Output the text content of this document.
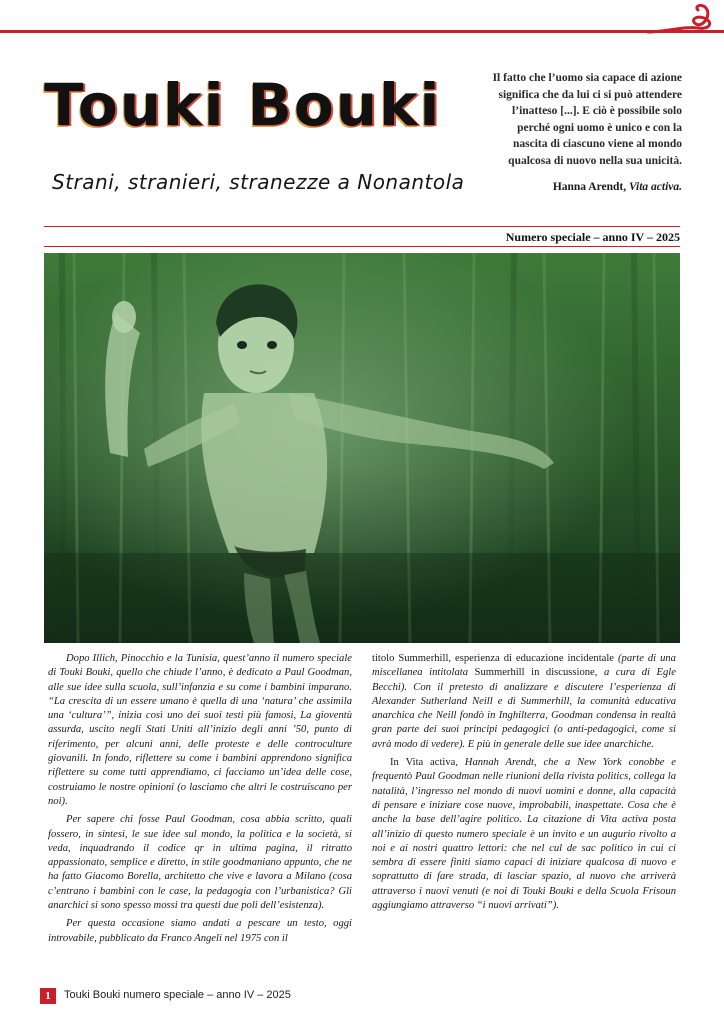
Touki Bouki

Strani, stranieri, stranezze a Nonantola

Il fatto che l’uomo sia capace di azione significa che da lui ci si può attendere l’inatteso [...]. E ciò è possibile solo perché ogni uomo è unico e con la nascita di ciascuno viene al mondo qualcosa di nuovo nella sua unicità.

Hanna Arendt, Vita activa.

Numero speciale – anno IV – 2025

Dopo Illich, Pinocchio e la Tunisia, quest’anno il numero speciale di Touki Bouki, quello che chiude l’anno, è dedicato a Paul Goodman, alle sue idee sulla scuola, sull’infanzia e su come i bambini imparano. “La crescita di un essere umano è quella di una ‘natura’ che assimila una ‘cultura’”, inizia così uno dei suoi testi più famosi, La gioventù assurda, uscito negli Stati Uniti all’inizio degli anni ’50, punto di riferimento, per alcuni anni, delle proteste e delle controculture giovanili. In fondo, riflettere su come i bambini apprendono significa riflettere su come tutti apprendiamo, ci facciamo un’idea delle cose, costruiamo le nostre opinioni (o lasciamo che altri le costruiscano per noi).

Per sapere chi fosse Paul Goodman, cosa abbia scritto, quali fossero, in sintesi, le sue idee sul mondo, la politica e la società, si veda, inquadrando il codice qr in ultima pagina, il ritratto appassionato, semplice e diretto, in stile goodmaniano appunto, che ne ha fatto Giacomo Borella, architetto che vive e lavora a Milano (cosa c’entrano i bambini con le case, la pedagogia con l’urbanistica? Gli anarchici si sono spesso mossi tra questi due poli dell’esistenza).

Per questa occasione siamo andati a pescare un testo, oggi introvabile, pubblicato da Franco Angeli nel 1975 con il

titolo Summerhill, esperienza di educazione incidentale (parte di una miscellanea intitolata Summerhill in discussione, a cura di Egle Becchi). Con il pretesto di analizzare e discutere l’esperienza di Alexander Sutherland Neill e di Summerhill, la comunità educativa anarchica che Neill fondò in Inghilterra, Goodman condensa in realtà gran parte dei suoi principi pedagogici (o anti-pedagogici, come si avrà modo di vedere). E più in generale delle sue idee anarchiche.

In Vita activa, Hannah Arendt, che a New York conobbe e frequentò Paul Goodman nelle riunioni della rivista politics, collega la natalità, l’ingresso nel mondo di nuovi uomini e donne, alla capacità di pensare e iniziare cose nuove, improbabili, inaspettate. Cosa che è anche la base dell’agire politico. La citazione di Vita activa posta all’inizio di questo numero speciale è un invito e un augurio rivolto a noi e ai nostri quattro lettori: che nel cul de sac politico in cui ci sembra di essere finiti siamo capaci di iniziare qualcosa di nuovo e soprattutto di fare strada, di lasciar spazio, al nuovo che arriverà attraverso i nuovi venuti (e noi di Touki Bouki e della Scuola Frisoun aggiungiamo attraverso “i nuovi arrivati”).

1	Touki Bouki numero speciale – anno IV – 2025
